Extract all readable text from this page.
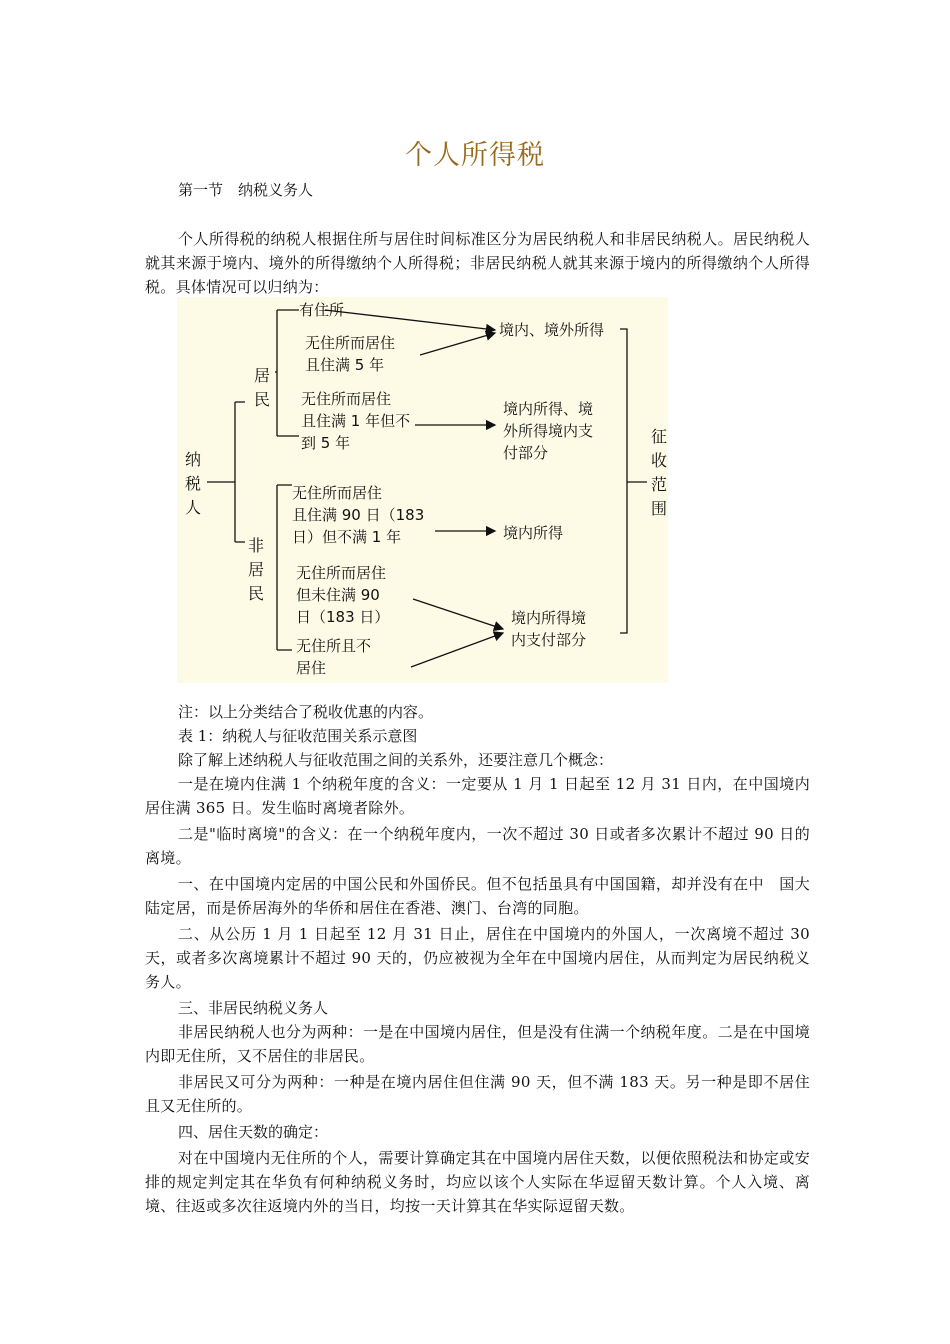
个人所得税
第一节　纳税义务人

个人所得税的纳税人根据住所与居住时间标准区分为居民纳税人和非居民纳税人。居民纳税人就其来源于境内、境外的所得缴纳个人所得税；非居民纳税人就其来源于境内的所得缴纳个人所得税。具体情况可以归纳为：

纳税人
居民
非居民
征收范围
有住所
无住所而居住
且住满 5 年
无住所而居住
且住满 1 年但不
到 5 年
无住所而居住
且住满 90 日（183
日）但不满 1 年
无住所而居住
但未住满 90
日（183 日）
无住所且不
居住
境内、境外所得
境内所得、境
外所得境内支
付部分
境内所得
境内所得境
内支付部分
注：以上分类结合了税收优惠的内容。
表 1：纳税人与征收范围关系示意图
除了解上述纳税人与征收范围之间的关系外，还要注意几个概念：

一是在境内住满 1 个纳税年度的含义：一定要从 1 月 1 日起至 12 月 31 日内，在中国境内居住满 365 日。发生临时离境者除外。

二是"临时离境"的含义：在一个纳税年度内，一次不超过 30 日或者多次累计不超过 90 日的离境。

一、在中国境内定居的中国公民和外国侨民。但不包括虽具有中国国籍，却并没有在中　国大陆定居，而是侨居海外的华侨和居住在香港、澳门、台湾的同胞。

二、从公历 1 月 1 日起至 12 月 31 日止，居住在中国境内的外国人，一次离境不超过 30 天，或者多次离境累计不超过 90 天的，仍应被视为全年在中国境内居住，从而判定为居民纳税义务人。

三、非居民纳税义务人

非居民纳税人也分为两种：一是在中国境内居住，但是没有住满一个纳税年度。二是在中国境内即无住所，又不居住的非居民。

非居民又可分为两种：一种是在境内居住但住满 90 天，但不满 183 天。另一种是即不居住且又无住所的。

四、居住天数的确定：

对在中国境内无住所的个人，需要计算确定其在中国境内居住天数，以便依照税法和协定或安排的规定判定其在华负有何种纳税义务时，均应以该个人实际在华逗留天数计算。个人入境、离境、往返或多次往返境内外的当日，均按一天计算其在华实际逗留天数。
